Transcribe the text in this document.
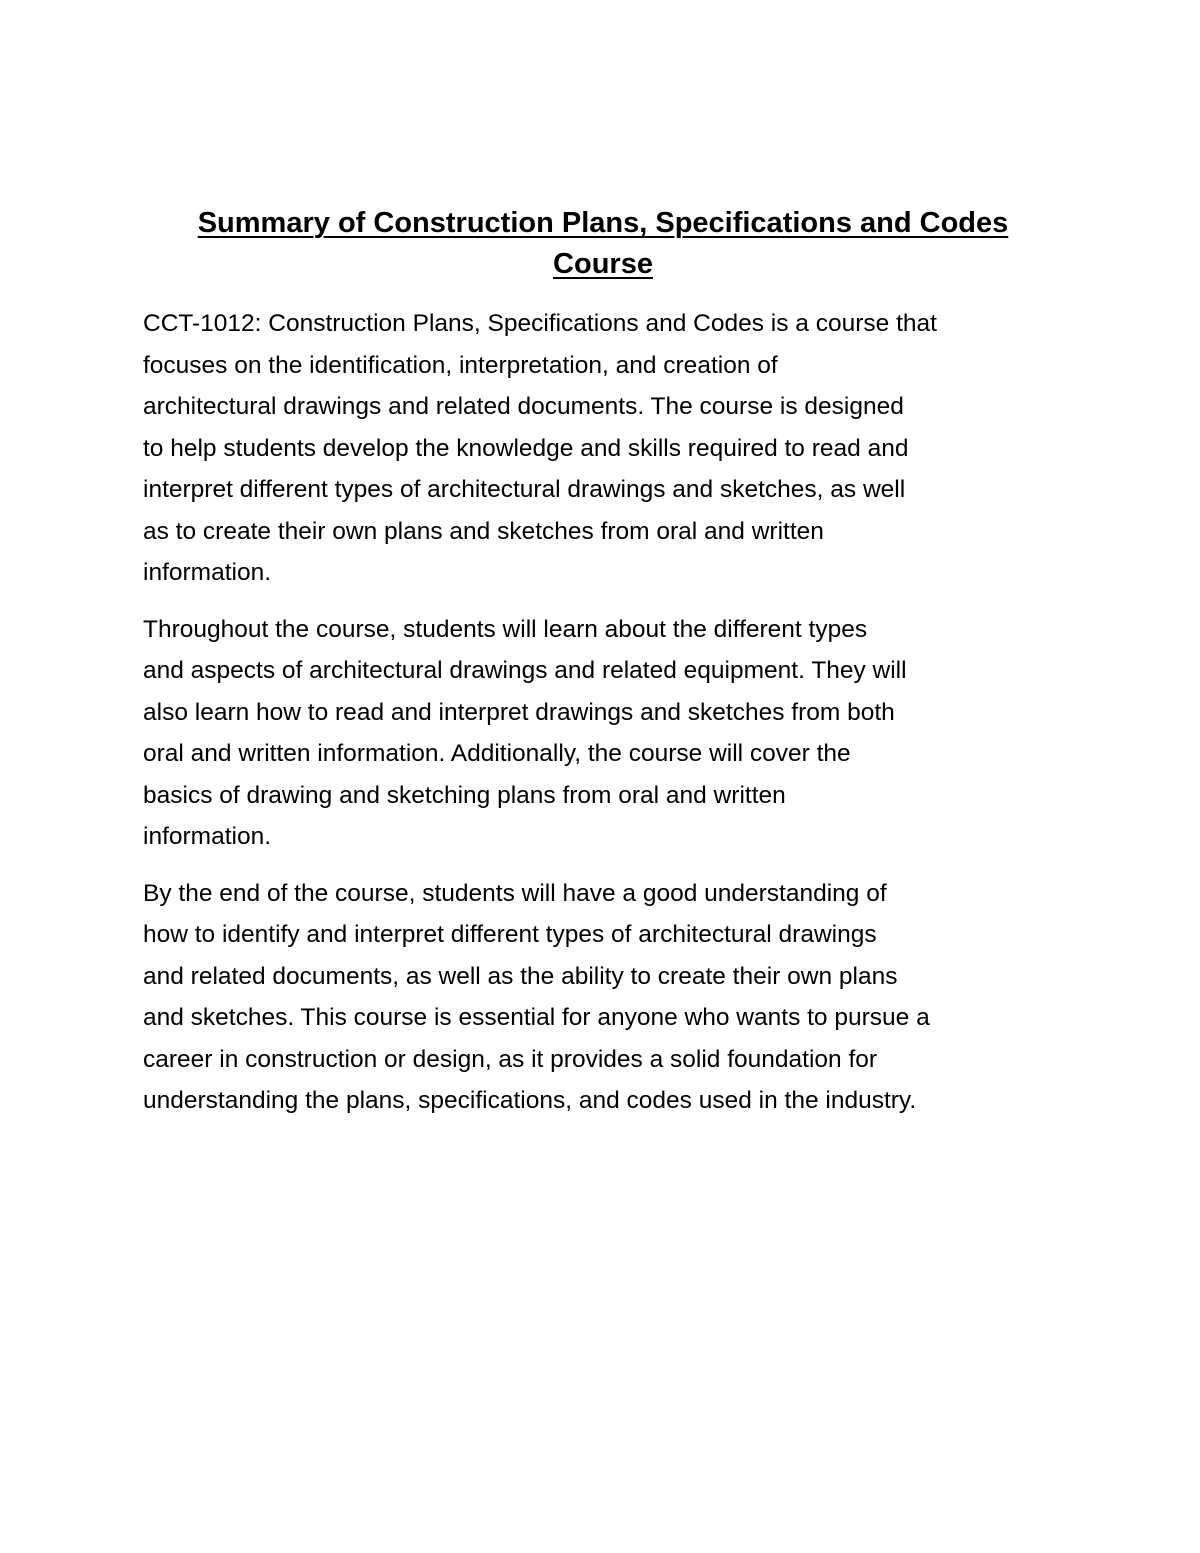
Summary of Construction Plans, Specifications and Codes
Course

CCT-1012: Construction Plans, Specifications and Codes is a course that
focuses on the identification, interpretation, and creation of
architectural drawings and related documents. The course is designed
to help students develop the knowledge and skills required to read and
interpret different types of architectural drawings and sketches, as well
as to create their own plans and sketches from oral and written
information.

Throughout the course, students will learn about the different types
and aspects of architectural drawings and related equipment. They will
also learn how to read and interpret drawings and sketches from both
oral and written information. Additionally, the course will cover the
basics of drawing and sketching plans from oral and written
information.

By the end of the course, students will have a good understanding of
how to identify and interpret different types of architectural drawings
and related documents, as well as the ability to create their own plans
and sketches. This course is essential for anyone who wants to pursue a
career in construction or design, as it provides a solid foundation for
understanding the plans, specifications, and codes used in the industry.
